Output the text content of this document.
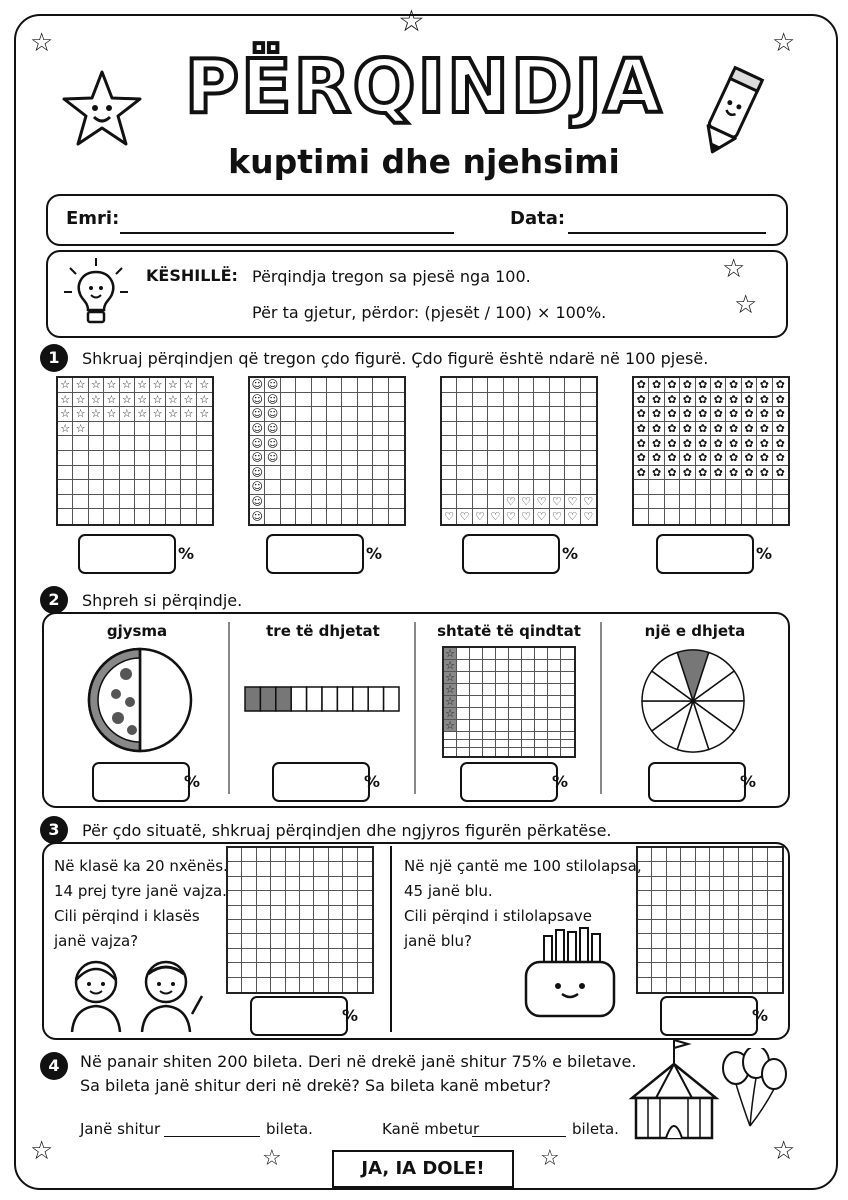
☆
☆
☆
☆	☆
☆	☆
PËRQINDJA
kuptimi dhe njehsimi
Emri:	Data:
KËSHILLË: Përqindja tregon sa pjesë nga 100.
Për ta gjetur, përdor: (pjesët / 100) × 100%.
☆
☆
1	Shkruaj përqindjen që tregon çdo figurë. Çdo figurë është ndarë në 100 pjesë.
☆ ☆ ☆ ☆ ☆ ☆ ☆ ☆ ☆ ☆
☆ ☆ ☆ ☆ ☆ ☆ ☆ ☆ ☆ ☆
☆ ☆ ☆ ☆ ☆ ☆ ☆ ☆ ☆ ☆
☆ ☆
☺ ☺
☺ ☺
☺ ☺
☺ ☺
☺ ☺
☺ ☺
☺
☺
☺
☺
♡ ♡ ♡ ♡ ♡ ♡
♡ ♡ ♡ ♡ ♡ ♡ ♡ ♡ ♡ ♡
✿ ✿ ✿ ✿ ✿ ✿ ✿ ✿ ✿ ✿
✿ ✿ ✿ ✿ ✿ ✿ ✿ ✿ ✿ ✿
✿ ✿ ✿ ✿ ✿ ✿ ✿ ✿ ✿ ✿
✿ ✿ ✿ ✿ ✿ ✿ ✿ ✿ ✿ ✿
✿ ✿ ✿ ✿ ✿ ✿ ✿ ✿ ✿ ✿
✿ ✿ ✿ ✿ ✿ ✿ ✿ ✿ ✿ ✿
✿ ✿ ✿ ✿ ✿ ✿ ✿ ✿ ✿ ✿
%	%	%	%
2	Shpreh si përqindje.
gjysma	tre të dhjetat	shtatë të qindtat	një e dhjeta
☆
☆
☆
☆
☆
☆
☆
%	%	%	%
3	Për çdo situatë, shkruaj përqindjen dhe ngjyros figurën përkatëse.
Në klasë ka 20 nxënës.
14 prej tyre janë vajza.
Cili përqind i klasës
janë vajza?
%
Në një çantë me 100 stilolapsa,
45 janë blu.
Cili përqind i stilolapsave
janë blu?
%
4	Në panair shiten 200 bileta. Deri në drekë janë shitur 75% e biletave.
Sa bileta janë shitur deri në drekë? Sa bileta kanë mbetur?
Janë shitur	bileta.	Kanë mbetur	bileta.
JA, IA DOLE!
